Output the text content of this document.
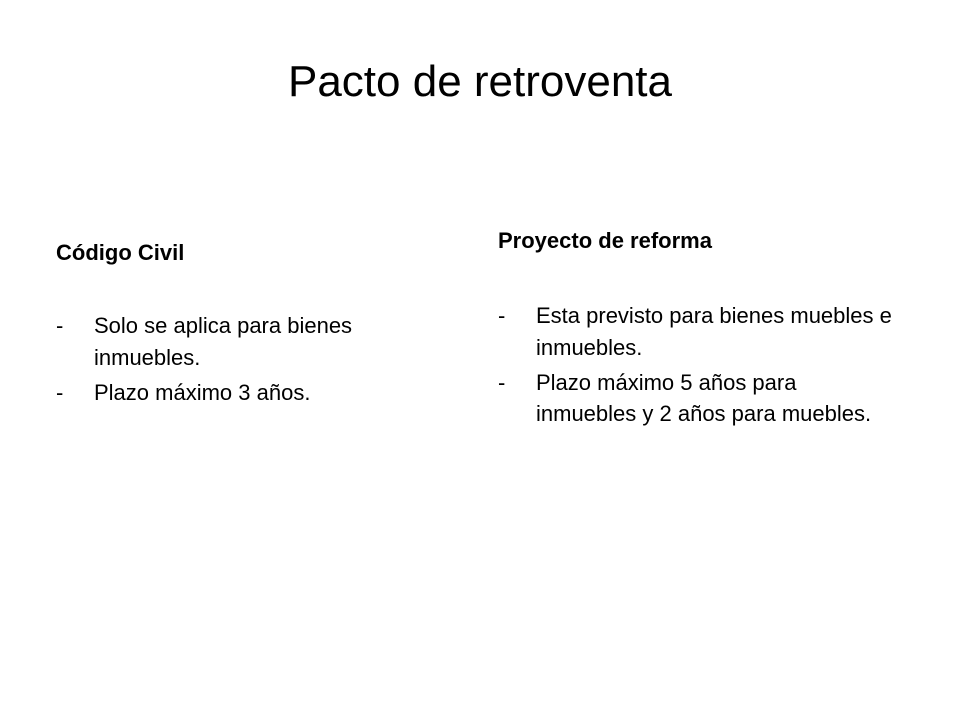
Pacto de retroventa
Código Civil
- Solo se aplica para bienes inmuebles.
- Plazo máximo 3 años.
Proyecto de reforma
- Esta previsto para bienes muebles e inmuebles.
- Plazo máximo 5 años para inmuebles y 2 años para muebles.
